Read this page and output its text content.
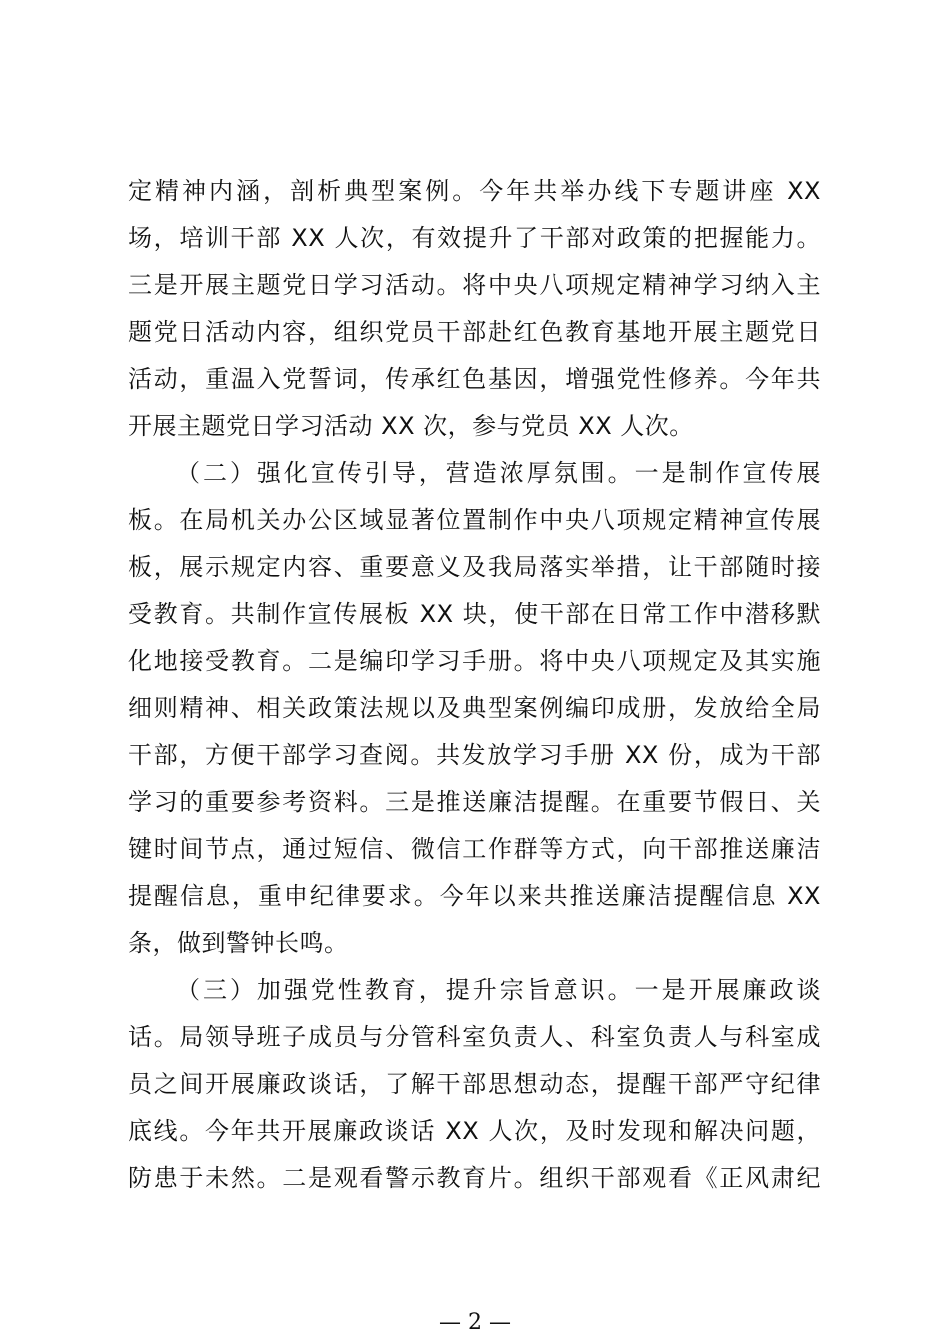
定精神内涵，剖析典型案例。今年共举办线下专题讲座 XX
场，培训干部 XX 人次，有效提升了干部对政策的把握能力。
三是开展主题党日学习活动。将中央八项规定精神学习纳入主
题党日活动内容，组织党员干部赴红色教育基地开展主题党日
活动，重温入党誓词，传承红色基因，增强党性修养。今年共
开展主题党日学习活动 XX 次，参与党员 XX 人次。
（二）强化宣传引导，营造浓厚氛围。一是制作宣传展
板。在局机关办公区域显著位置制作中央八项规定精神宣传展
板，展示规定内容、重要意义及我局落实举措，让干部随时接
受教育。共制作宣传展板 XX 块，使干部在日常工作中潜移默
化地接受教育。二是编印学习手册。将中央八项规定及其实施
细则精神、相关政策法规以及典型案例编印成册，发放给全局
干部，方便干部学习查阅。共发放学习手册 XX 份，成为干部
学习的重要参考资料。三是推送廉洁提醒。在重要节假日、关
键时间节点，通过短信、微信工作群等方式，向干部推送廉洁
提醒信息，重申纪律要求。今年以来共推送廉洁提醒信息 XX
条，做到警钟长鸣。
（三）加强党性教育，提升宗旨意识。一是开展廉政谈
话。局领导班子成员与分管科室负责人、科室负责人与科室成
员之间开展廉政谈话，了解干部思想动态，提醒干部严守纪律
底线。今年共开展廉政谈话 XX 人次，及时发现和解决问题，
防患于未然。二是观看警示教育片。组织干部观看《正风肃纪
— 2 —
